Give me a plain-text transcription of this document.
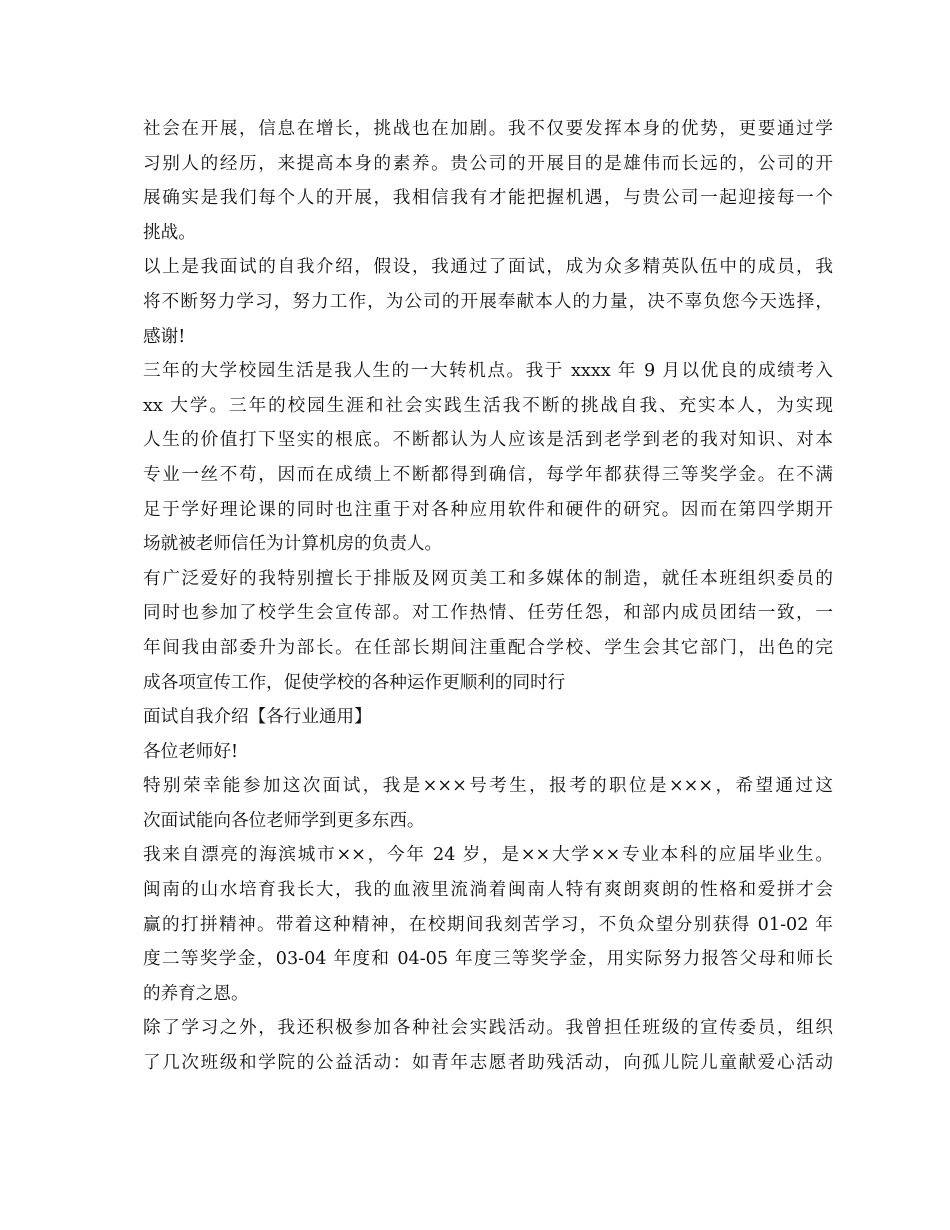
社会在开展，信息在增长，挑战也在加剧。我不仅要发挥本身的优势，更要通过学
习别人的经历，来提高本身的素养。贵公司的开展目的是雄伟而长远的，公司的开
展确实是我们每个人的开展，我相信我有才能把握机遇，与贵公司一起迎接每一个
挑战。
以上是我面试的自我介绍，假设，我通过了面试，成为众多精英队伍中的成员，我
将不断努力学习，努力工作，为公司的开展奉献本人的力量，决不辜负您今天选择，
感谢!
三年的大学校园生活是我人生的一大转机点。我于 xxxx 年 9 月以优良的成绩考入
xx 大学。三年的校园生涯和社会实践生活我不断的挑战自我、充实本人，为实现
人生的价值打下坚实的根底。不断都认为人应该是活到老学到老的我对知识、对本
专业一丝不苟，因而在成绩上不断都得到确信，每学年都获得三等奖学金。在不满
足于学好理论课的同时也注重于对各种应用软件和硬件的研究。因而在第四学期开
场就被老师信任为计算机房的负责人。
有广泛爱好的我特别擅长于排版及网页美工和多媒体的制造，就任本班组织委员的
同时也参加了校学生会宣传部。对工作热情、任劳任怨，和部内成员团结一致，一
年间我由部委升为部长。在任部长期间注重配合学校、学生会其它部门，出色的完
成各项宣传工作，促使学校的各种运作更顺利的同时行
面试自我介绍【各行业通用】
各位老师好!
特别荣幸能参加这次面试，我是×××号考生，报考的职位是×××，希望通过这
次面试能向各位老师学到更多东西。
我来自漂亮的海滨城市××，今年 24 岁，是××大学××专业本科的应届毕业生。
闽南的山水培育我长大，我的血液里流淌着闽南人特有爽朗爽朗的性格和爱拼才会
赢的打拼精神。带着这种精神，在校期间我刻苦学习，不负众望分别获得 01-02 年
度二等奖学金，03-04 年度和 04-05 年度三等奖学金，用实际努力报答父母和师长
的养育之恩。
除了学习之外，我还积极参加各种社会实践活动。我曾担任班级的宣传委员，组织
了几次班级和学院的公益活动：如青年志愿者助残活动，向孤儿院儿童献爱心活动
